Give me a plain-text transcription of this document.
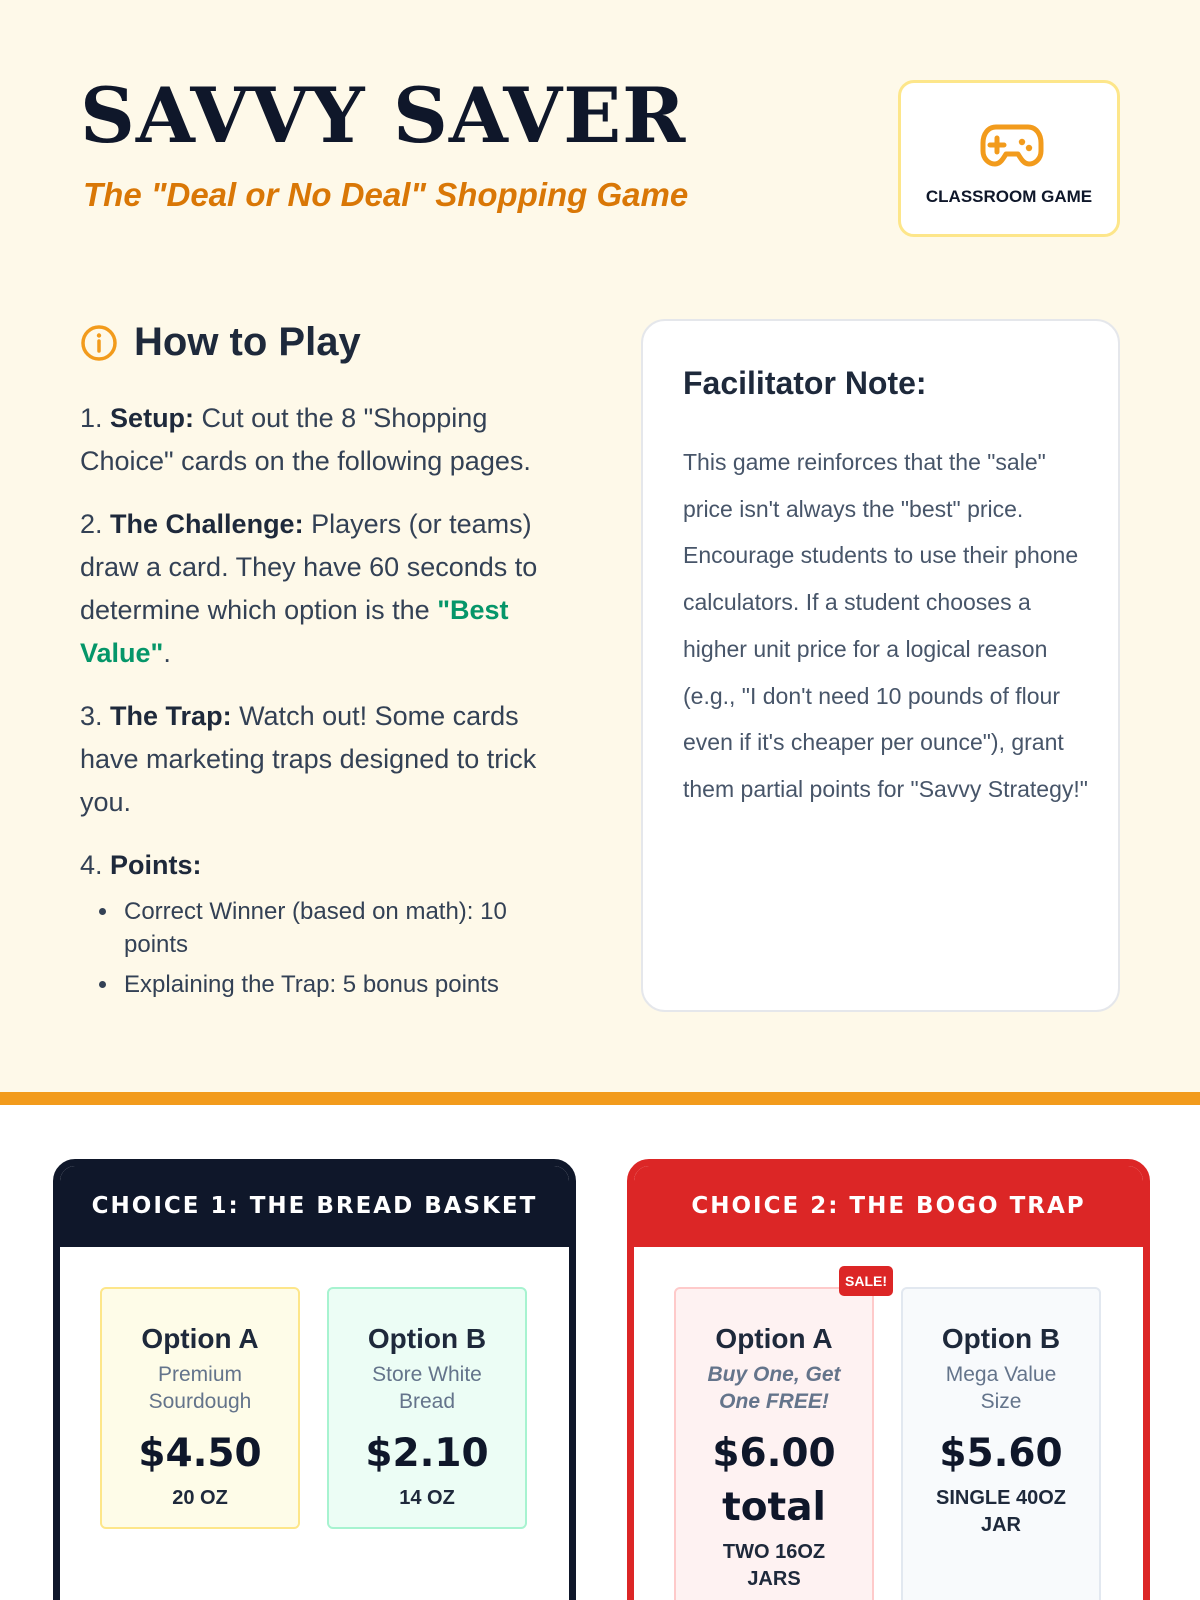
SAVVY SAVER
The "Deal or No Deal" Shopping Game	CLASSROOM GAME
How to Play

1. Setup: Cut out the 8 "Shopping Choice" cards on the following pages.

2. The Challenge: Players (or teams) draw a card. They have 60 seconds to determine which option is the "Best Value".

3. The Trap: Watch out! Some cards have marketing traps designed to trick you.

4. Points:

• Correct Winner (based on math): 10 points
• Explaining the Trap: 5 bonus points
Facilitator Note:
This game reinforces that the "sale" price isn't always the "best" price. Encourage students to use their phone calculators. If a student chooses a higher unit price for a logical reason (e.g., "I don't need 10 pounds of flour even if it's cheaper per ounce"), grant them partial points for "Savvy Strategy!"
CHOICE 1: THE BREAD BASKET
Option A
Premium Sourdough
$4.50
20 OZ
Option B
Store White Bread
$2.10
14 OZ
CHOICE 2: THE BOGO TRAP
Option A
Buy One, Get One FREE!
$6.00 total
TWO 16OZ JARS
SALE!
Option B
Mega Value Size
$5.60
SINGLE 40OZ JAR
